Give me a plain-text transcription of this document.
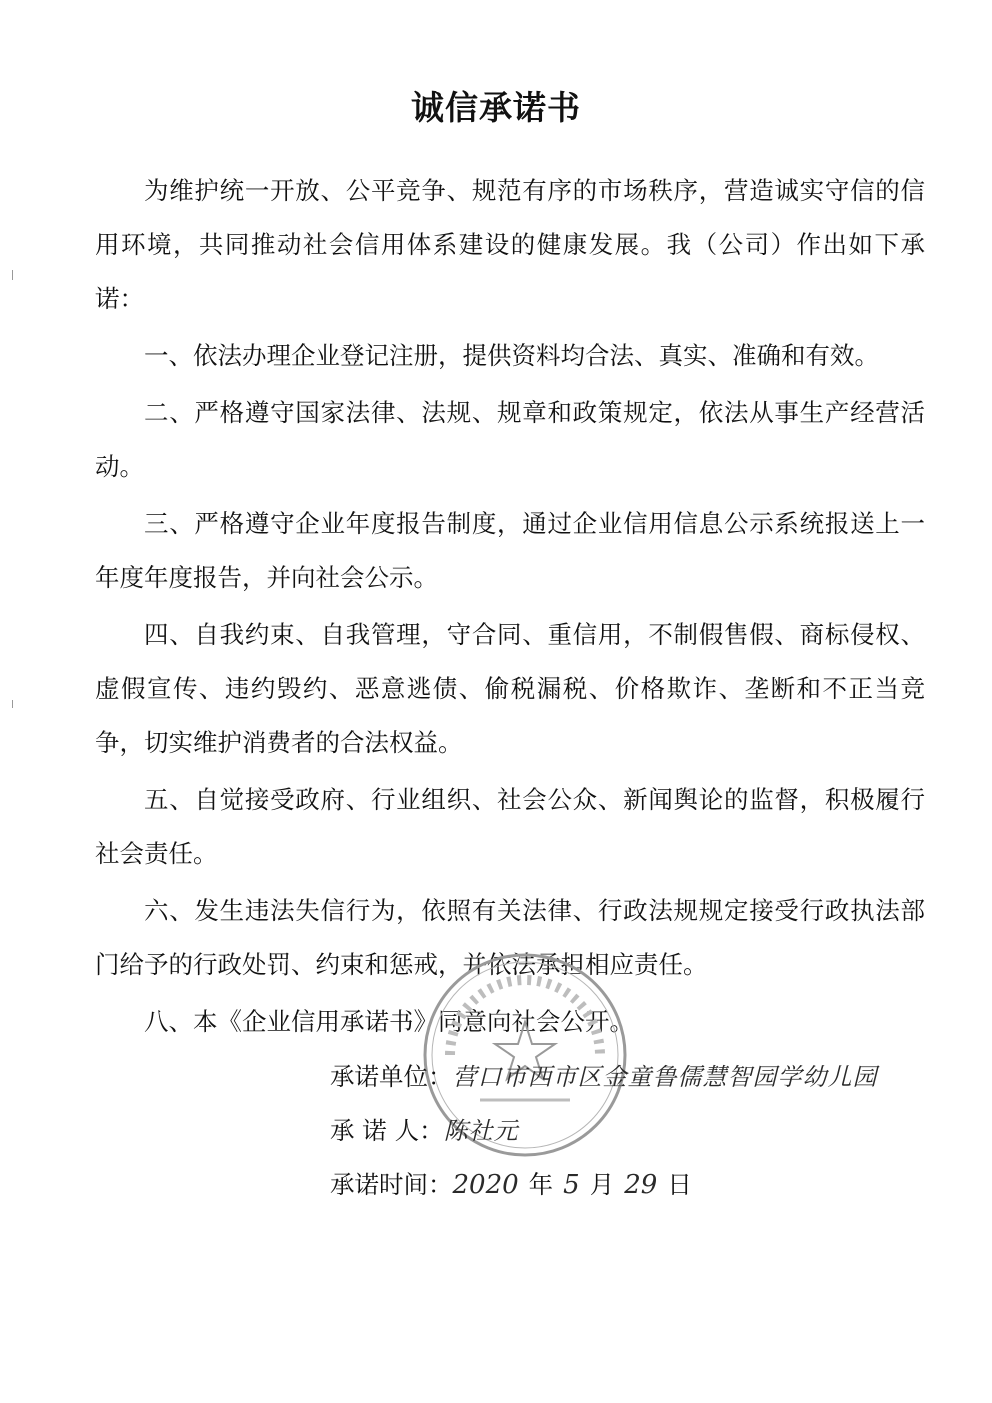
诚信承诺书

为维护统一开放、公平竞争、规范有序的市场秩序，营造诚实守信的信用环境，共同推动社会信用体系建设的健康发展。我（公司）作出如下承诺：

一、依法办理企业登记注册，提供资料均合法、真实、准确和有效。

二、严格遵守国家法律、法规、规章和政策规定，依法从事生产经营活动。

三、严格遵守企业年度报告制度，通过企业信用信息公示系统报送上一年度年度报告，并向社会公示。

四、自我约束、自我管理，守合同、重信用，不制假售假、商标侵权、虚假宣传、违约毁约、恶意逃债、偷税漏税、价格欺诈、垄断和不正当竞争，切实维护消费者的合法权益。

五、自觉接受政府、行业组织、社会公众、新闻舆论的监督，积极履行社会责任。

六、发生违法失信行为，依照有关法律、行政法规规定接受行政执法部门给予的行政处罚、约束和惩戒，并依法承担相应责任。

八、本《企业信用承诺书》同意向社会公开。

承诺单位：营口市西市区金童鲁儒慧智园学幼儿园
承 诺 人：陈社元
承诺时间：2020 年 5 月 29 日
